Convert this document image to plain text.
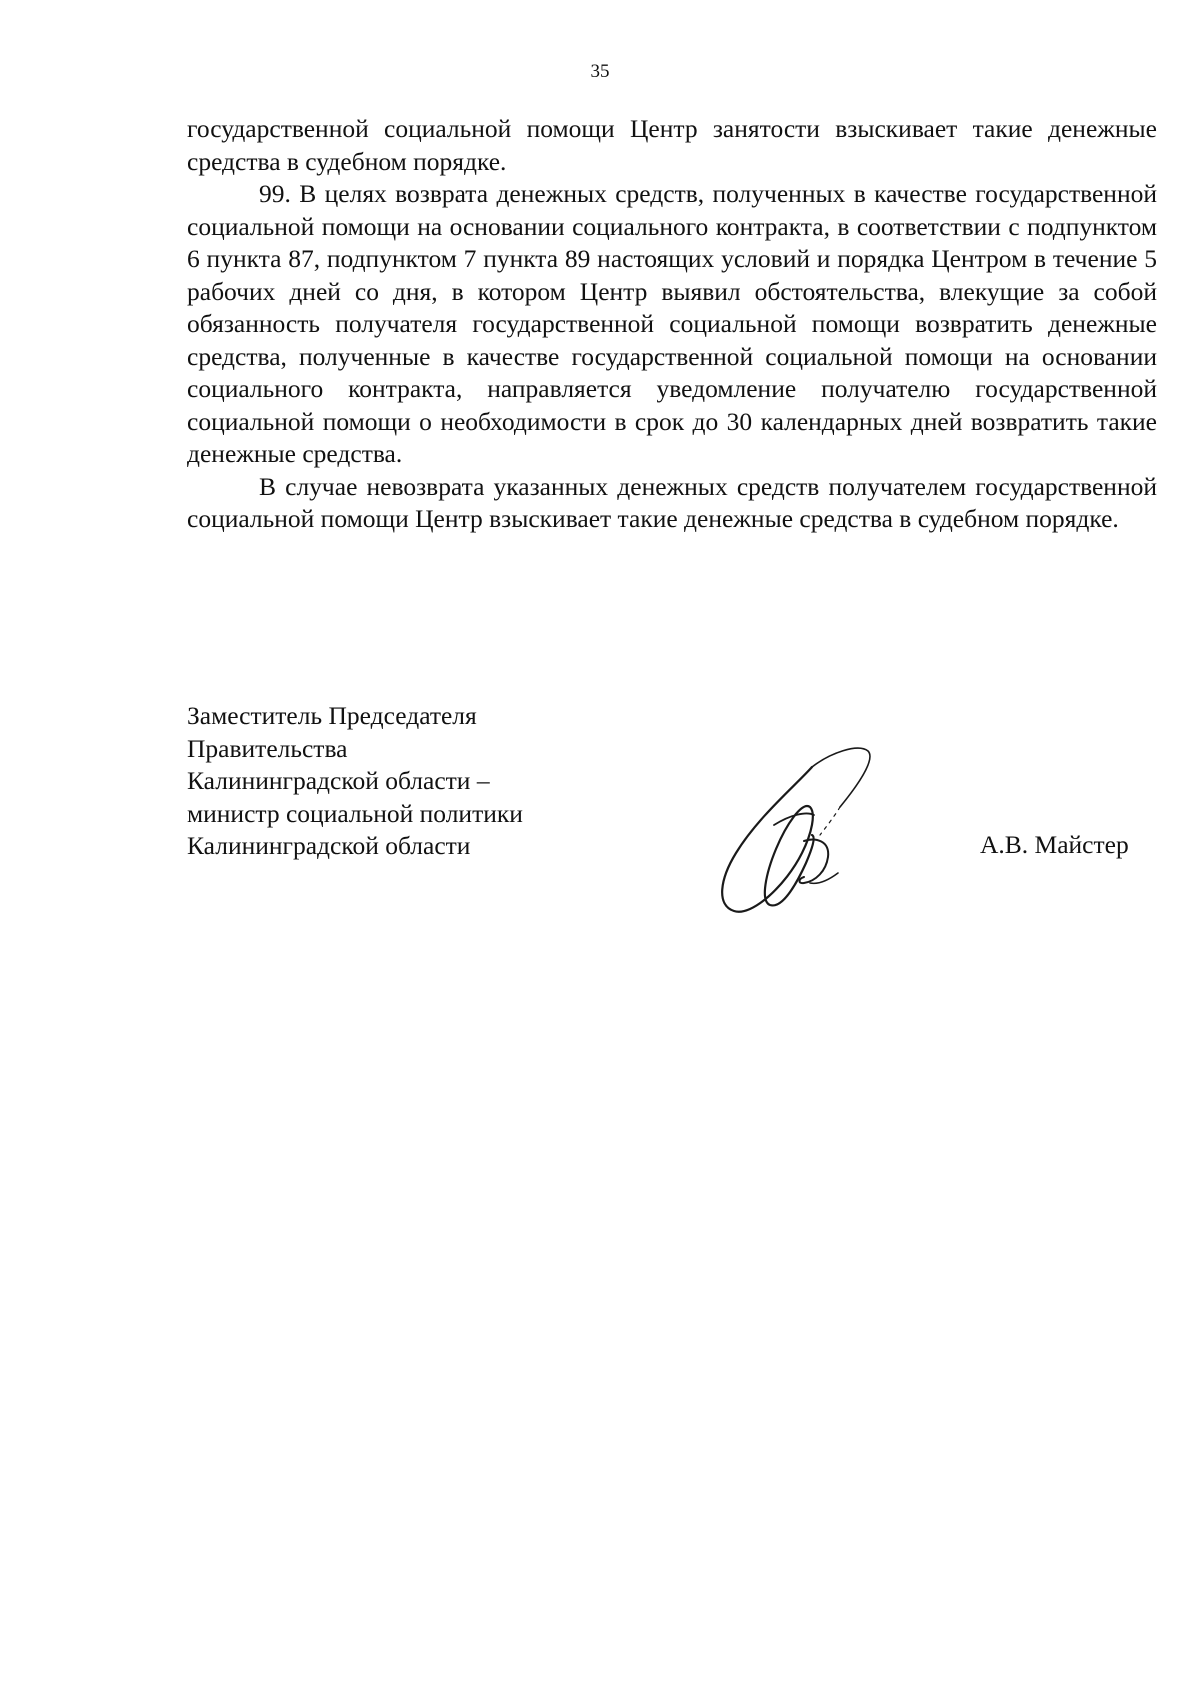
35

государственной социальной помощи Центр занятости взыскивает такие денежные средства в судебном порядке.

99. В целях возврата денежных средств, полученных в качестве государственной социальной помощи на основании социального контракта, в соответствии с подпунктом 6 пункта 87, подпунктом 7 пункта 89 настоящих условий и порядка Центром в течение 5 рабочих дней со дня, в котором Центр выявил обстоятельства, влекущие за собой обязанность получателя государственной социальной помощи возвратить денежные средства, полученные в качестве государственной социальной помощи на основании социального контракта, направляется уведомление получателю государственной социальной помощи о необходимости в срок до 30 календарных дней возвратить такие денежные средства.

В случае невозврата указанных денежных средств получателем государственной социальной помощи Центр взыскивает такие денежные средства в судебном порядке.

Заместитель Председателя
Правительства
Калининградской области –
министр социальной политики
Калининградской области	А.В. Майстер
